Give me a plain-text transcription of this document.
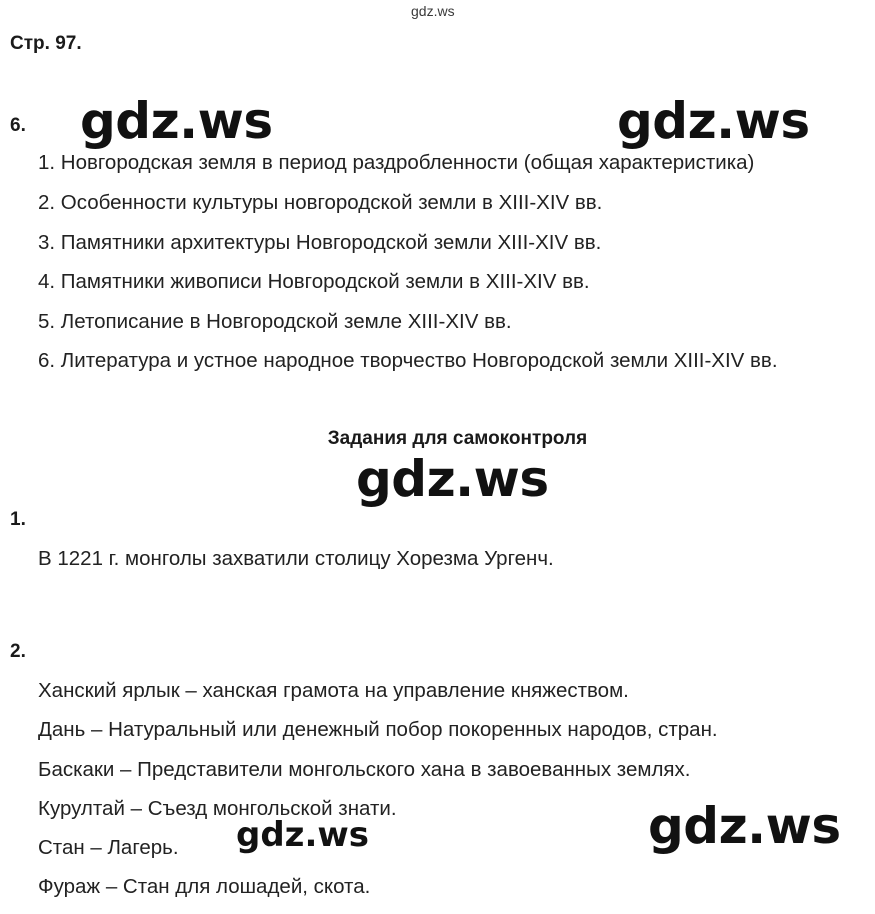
gdz.ws
Стр. 97.
6.
1. Новгородская земля в период раздробленности (общая характеристика)
2. Особенности культуры новгородской земли в XIII-XIV вв.
3. Памятники архитектуры Новгородской земли XIII-XIV вв.
4. Памятники живописи Новгородской земли в XIII-XIV вв.
5. Летописание в Новгородской земле XIII-XIV вв.
6. Литература и устное народное творчество Новгородской земли XIII-XIV вв.
Задания для самоконтроля
1.
В 1221 г. монголы захватили столицу Хорезма Ургенч.
2.
Ханский ярлык – ханская грамота на управление княжеством.
Дань – Натуральный или денежный побор покоренных народов, стран.
Баскаки – Представители монгольского хана в завоеванных землях.
Курултай – Съезд монгольской знати.
Стан – Лагерь.
Фураж – Стан для лошадей, скота.
gdz.ws	gdz.ws
gdz.ws
gdz.ws
gdz.ws
